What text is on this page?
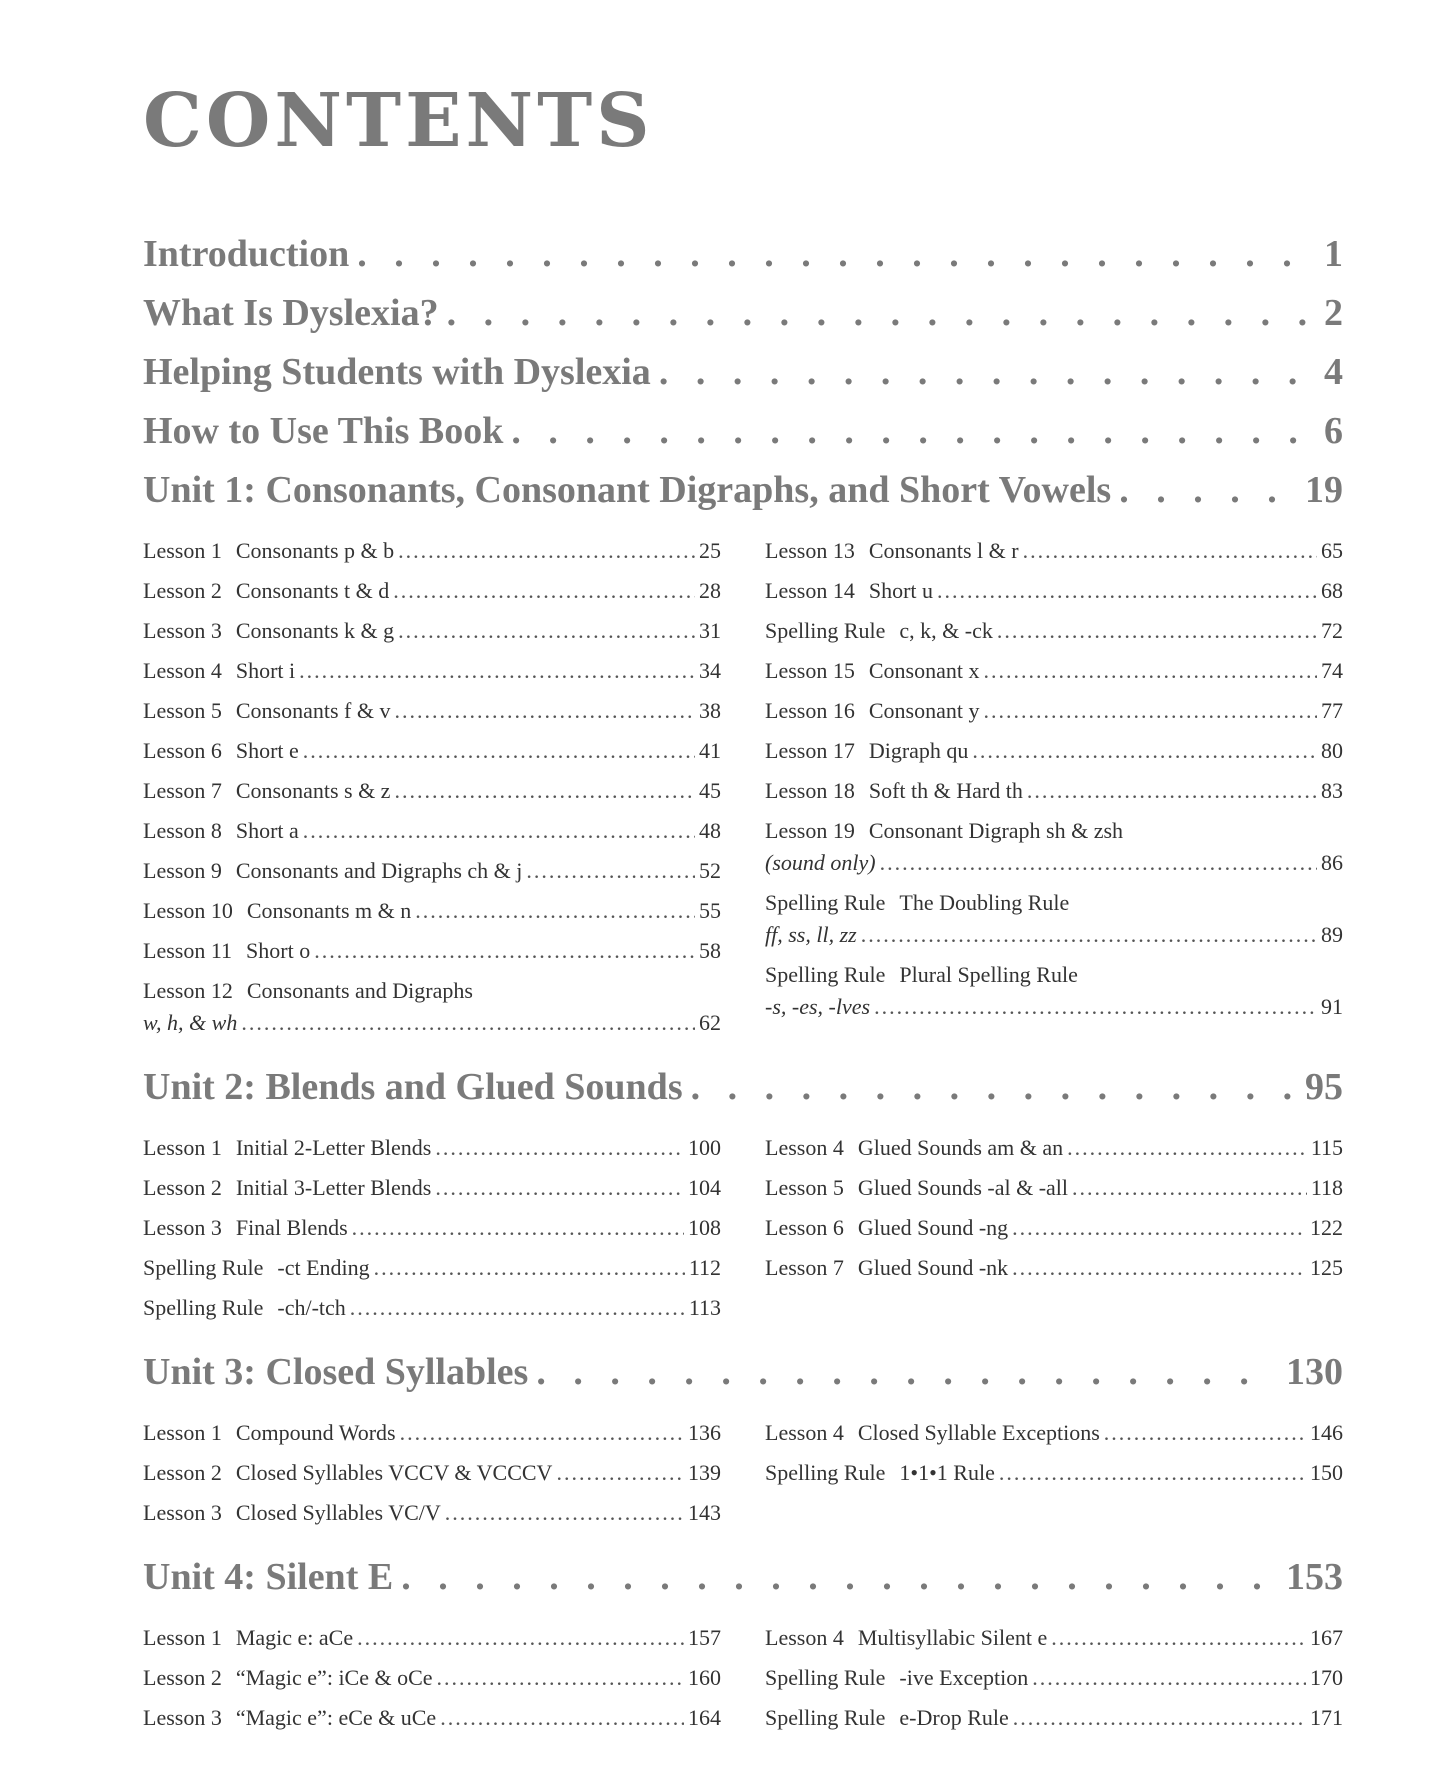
CONTENTS
Introduction . . .	1
What Is Dyslexia? . . .	2
Helping Students with Dyslexia . . .	4
How to Use This Book . . .	6
Unit 1: Consonants, Consonant Digraphs, and Short Vowels . . .	19
Lesson 1 Consonants p & b .....	25
Lesson 2 Consonants t & d .....	28
Lesson 3 Consonants k & g .....	31
Lesson 4 Short i .....	34
Lesson 5 Consonants f & v .....	38
Lesson 6 Short e .....	41
Lesson 7 Consonants s & z .....	45
Lesson 8 Short a .....	48
Lesson 9 Consonants and Digraphs ch & j .....	52
Lesson 10 Consonants m & n .....	55
Lesson 11 Short o .....	58
Lesson 12 Consonants and Digraphs
w, h, & wh .....	62
Lesson 13 Consonants l & r .....	65
Lesson 14 Short u .....	68
Spelling Rule c, k, & -ck .....	72
Lesson 15 Consonant x .....	74
Lesson 16 Consonant y .....	77
Lesson 17 Digraph qu .....	80
Lesson 18 Soft th & Hard th .....	83
Lesson 19 Consonant Digraph sh & zsh
(sound only) .....	86
Spelling Rule The Doubling Rule
ff, ss, ll, zz .....	89
Spelling Rule Plural Spelling Rule
-s, -es, -lves .....	91
Unit 2: Blends and Glued Sounds . . .	95
Lesson 1 Initial 2-Letter Blends .....	100
Lesson 2 Initial 3-Letter Blends .....	104
Lesson 3 Final Blends .....	108
Spelling Rule -ct Ending .....	112
Spelling Rule -ch/-tch .....	113
Lesson 4 Glued Sounds am & an .....	115
Lesson 5 Glued Sounds -al & -all .....	118
Lesson 6 Glued Sound -ng .....	122
Lesson 7 Glued Sound -nk .....	125
Unit 3: Closed Syllables . . .	130
Lesson 1 Compound Words .....	136
Lesson 2 Closed Syllables VCCV & VCCCV .....	139
Lesson 3 Closed Syllables VC/V .....	143
Lesson 4 Closed Syllable Exceptions .....	146
Spelling Rule 1•1•1 Rule .....	150
Unit 4: Silent E . . .	153
Lesson 1 Magic e: aCe .....	157
Lesson 2 “Magic e”: iCe & oCe .....	160
Lesson 3 “Magic e”: eCe & uCe .....	164
Lesson 4 Multisyllabic Silent e .....	167
Spelling Rule -ive Exception .....	170
Spelling Rule e-Drop Rule .....	171
